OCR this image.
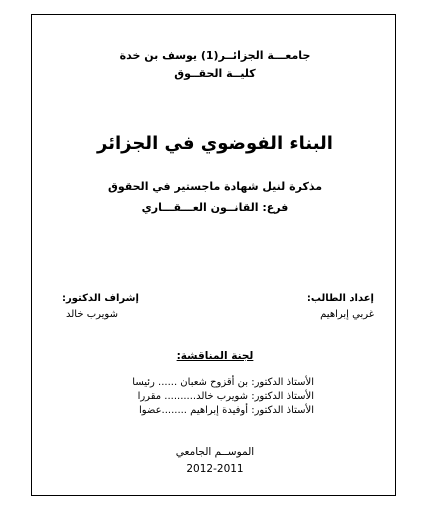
جامعـــة الجزائــر(1) يوسف بن خدة
كليــة الحقــوق
البناء الفوضوي في الجزائر
مذكرة لنيل شهادة ماجستير في الحقوق
فرع: القانــون العـــقـــاري
إعداد الطالب:
غربي إبراهيم
إشراف الدكتور:
شويرب خالد
لجنة المناقشة:
الأستاذ الدكتور: بن أقزوح شعبان ...... رئيسا
الأستاذ الدكتور: شويرب خالد.......... مقررا
الأستاذ الدكتور: أوفيدة إبراهيم ........عضوا
الموســم الجامعي
2012-2011
